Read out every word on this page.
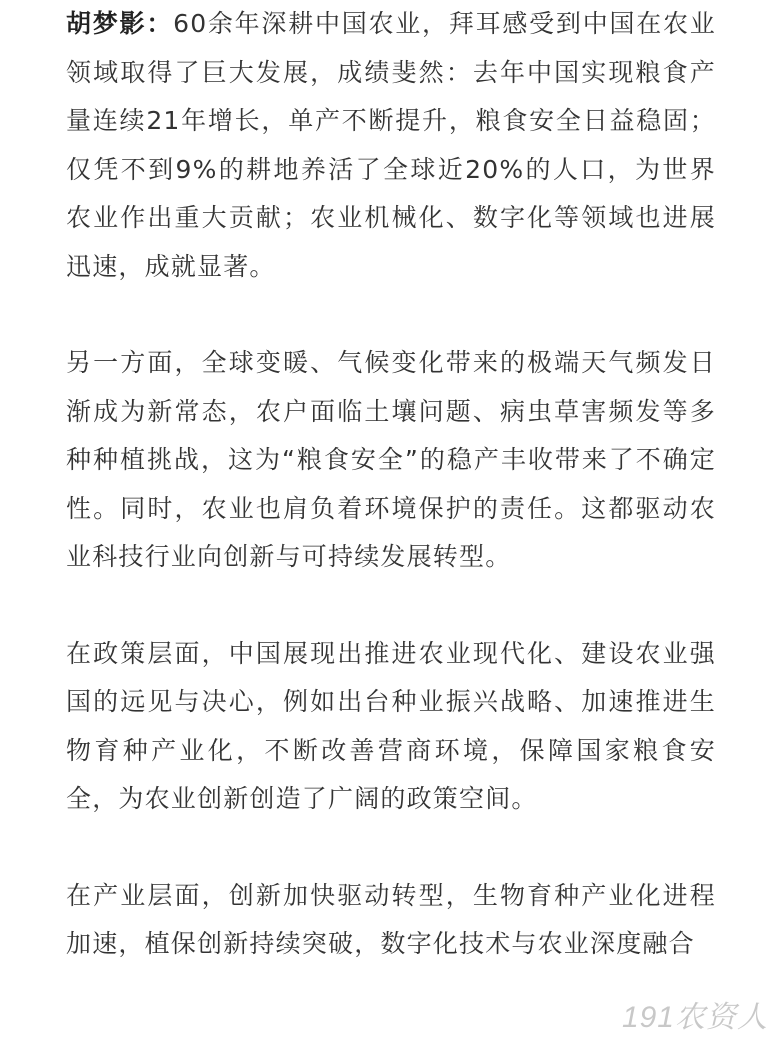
胡梦影：60余年深耕中国农业，拜耳感受到中国在农业领域取得了巨大发展，成绩斐然：去年中国实现粮食产量连续21年增长，单产不断提升，粮食安全日益稳固；仅凭不到9%的耕地养活了全球近20%的人口，为世界农业作出重大贡献；农业机械化、数字化等领域也进展迅速，成就显著。

另一方面，全球变暖、气候变化带来的极端天气频发日渐成为新常态，农户面临土壤问题、病虫草害频发等多种种植挑战，这为“粮食安全”的稳产丰收带来了不确定性。同时，农业也肩负着环境保护的责任。这都驱动农业科技行业向创新与可持续发展转型。

在政策层面，中国展现出推进农业现代化、建设农业强国的远见与决心，例如出台种业振兴战略、加速推进生物育种产业化，不断改善营商环境，保障国家粮食安全，为农业创新创造了广阔的政策空间。

在产业层面，创新加快驱动转型，生物育种产业化进程加速，植保创新持续突破，数字化技术与农业深度融合

191农资人
